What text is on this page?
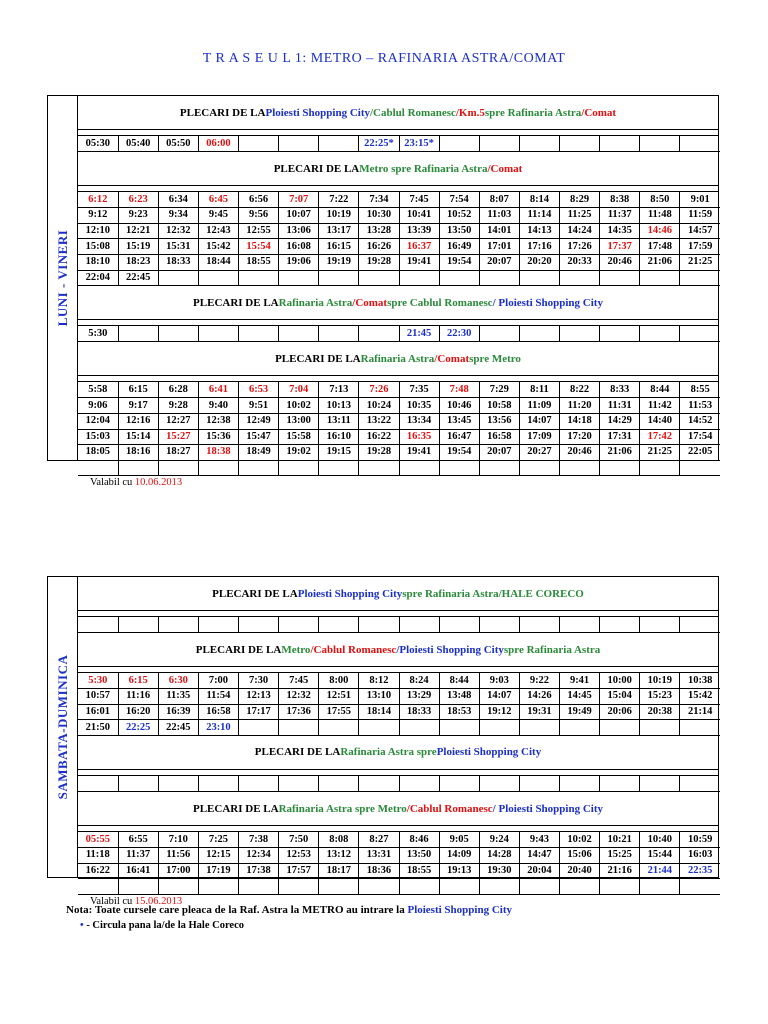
T R A S E U L 1: METRO – RAFINARIA ASTRA/COMAT
LUNI - VINERI
PLECARI DE LA Ploiesti Shopping City /Cablul Romanesc /Km.5 spre Rafinaria Astra /Comat
05:30	05:40	05:50	06:00				22:25*	23:15*							
PLECARI DE LA Metro spre Rafinaria Astra /Comat
6:12	6:23	6:34	6:45	6:56	7:07	7:22	7:34	7:45	7:54	8:07	8:14	8:29	8:38	8:50	9:01
9:12	9:23	9:34	9:45	9:56	10:07	10:19	10:30	10:41	10:52	11:03	11:14	11:25	11:37	11:48	11:59
12:10	12:21	12:32	12:43	12:55	13:06	13:17	13:28	13:39	13:50	14:01	14:13	14:24	14:35	14:46	14:57
15:08	15:19	15:31	15:42	15:54	16:08	16:15	16:26	16:37	16:49	17:01	17:16	17:26	17:37	17:48	17:59
18:10	18:23	18:33	18:44	18:55	19:06	19:19	19:28	19:41	19:54	20:07	20:20	20:33	20:46	21:06	21:25
22:04	22:45														
PLECARI DE LA Rafinaria Astra /Comat spre Cablul Romanesc / Ploiesti Shopping City
5:30								21:45	22:30						
PLECARI DE LA Rafinaria Astra /Comat spre Metro
5:58	6:15	6:28	6:41	6:53	7:04	7:13	7:26	7:35	7:48	7:29	8:11	8:22	8:33	8:44	8:55
9:06	9:17	9:28	9:40	9:51	10:02	10:13	10:24	10:35	10:46	10:58	11:09	11:20	11:31	11:42	11:53
12:04	12:16	12:27	12:38	12:49	13:00	13:11	13:22	13:34	13:45	13:56	14:07	14:18	14:29	14:40	14:52
15:03	15:14	15:27	15:36	15:47	15:58	16:10	16:22	16:35	16:47	16:58	17:09	17:20	17:31	17:42	17:54
18:05	18:16	18:27	18:38	18:49	19:02	19:15	19:28	19:41	19:54	20:07	20:27	20:46	21:06	21:25	22:05

Valabil cu 10.06.2013
SAMBATA-DUMINICA
PLECARI DE LA Ploiesti Shopping City spre Rafinaria Astra/HALE COREСO

PLECARI DE LA Metro /Cablul Romanesc /Ploiesti Shopping City spre Rafinaria Astra
5:30	6:15	6:30	7:00	7:30	7:45	8:00	8:12	8:24	8:44	9:03	9:22	9:41	10:00	10:19	10:38
10:57	11:16	11:35	11:54	12:13	12:32	12:51	13:10	13:29	13:48	14:07	14:26	14:45	15:04	15:23	15:42
16:01	16:20	16:39	16:58	17:17	17:36	17:55	18:14	18:33	18:53	19:12	19:31	19:49	20:06	20:38	21:14
21:50	22:25	22:45	23:10												
PLECARI DE LA Rafinaria Astra spre Ploiesti Shopping City

PLECARI DE LA Rafinaria Astra spre Metro /Cablul Romanesc / Ploiesti Shopping City
05:55	6:55	7:10	7:25	7:38	7:50	8:08	8:27	8:46	9:05	9:24	9:43	10:02	10:21	10:40	10:59
11:18	11:37	11:56	12:15	12:34	12:53	13:12	13:31	13:50	14:09	14:28	14:47	15:06	15:25	15:44	16:03
16:22	16:41	17:00	17:19	17:38	17:57	18:17	18:36	18:55	19:13	19:30	20:04	20:40	21:16	21:44	22:35

Valabil cu 15.06.2013
Nota: Toate cursele care pleaca de la Raf. Astra la METRO au intrare la Ploiesti Shopping City
• - Circula pana la/de la Hale Coreco
